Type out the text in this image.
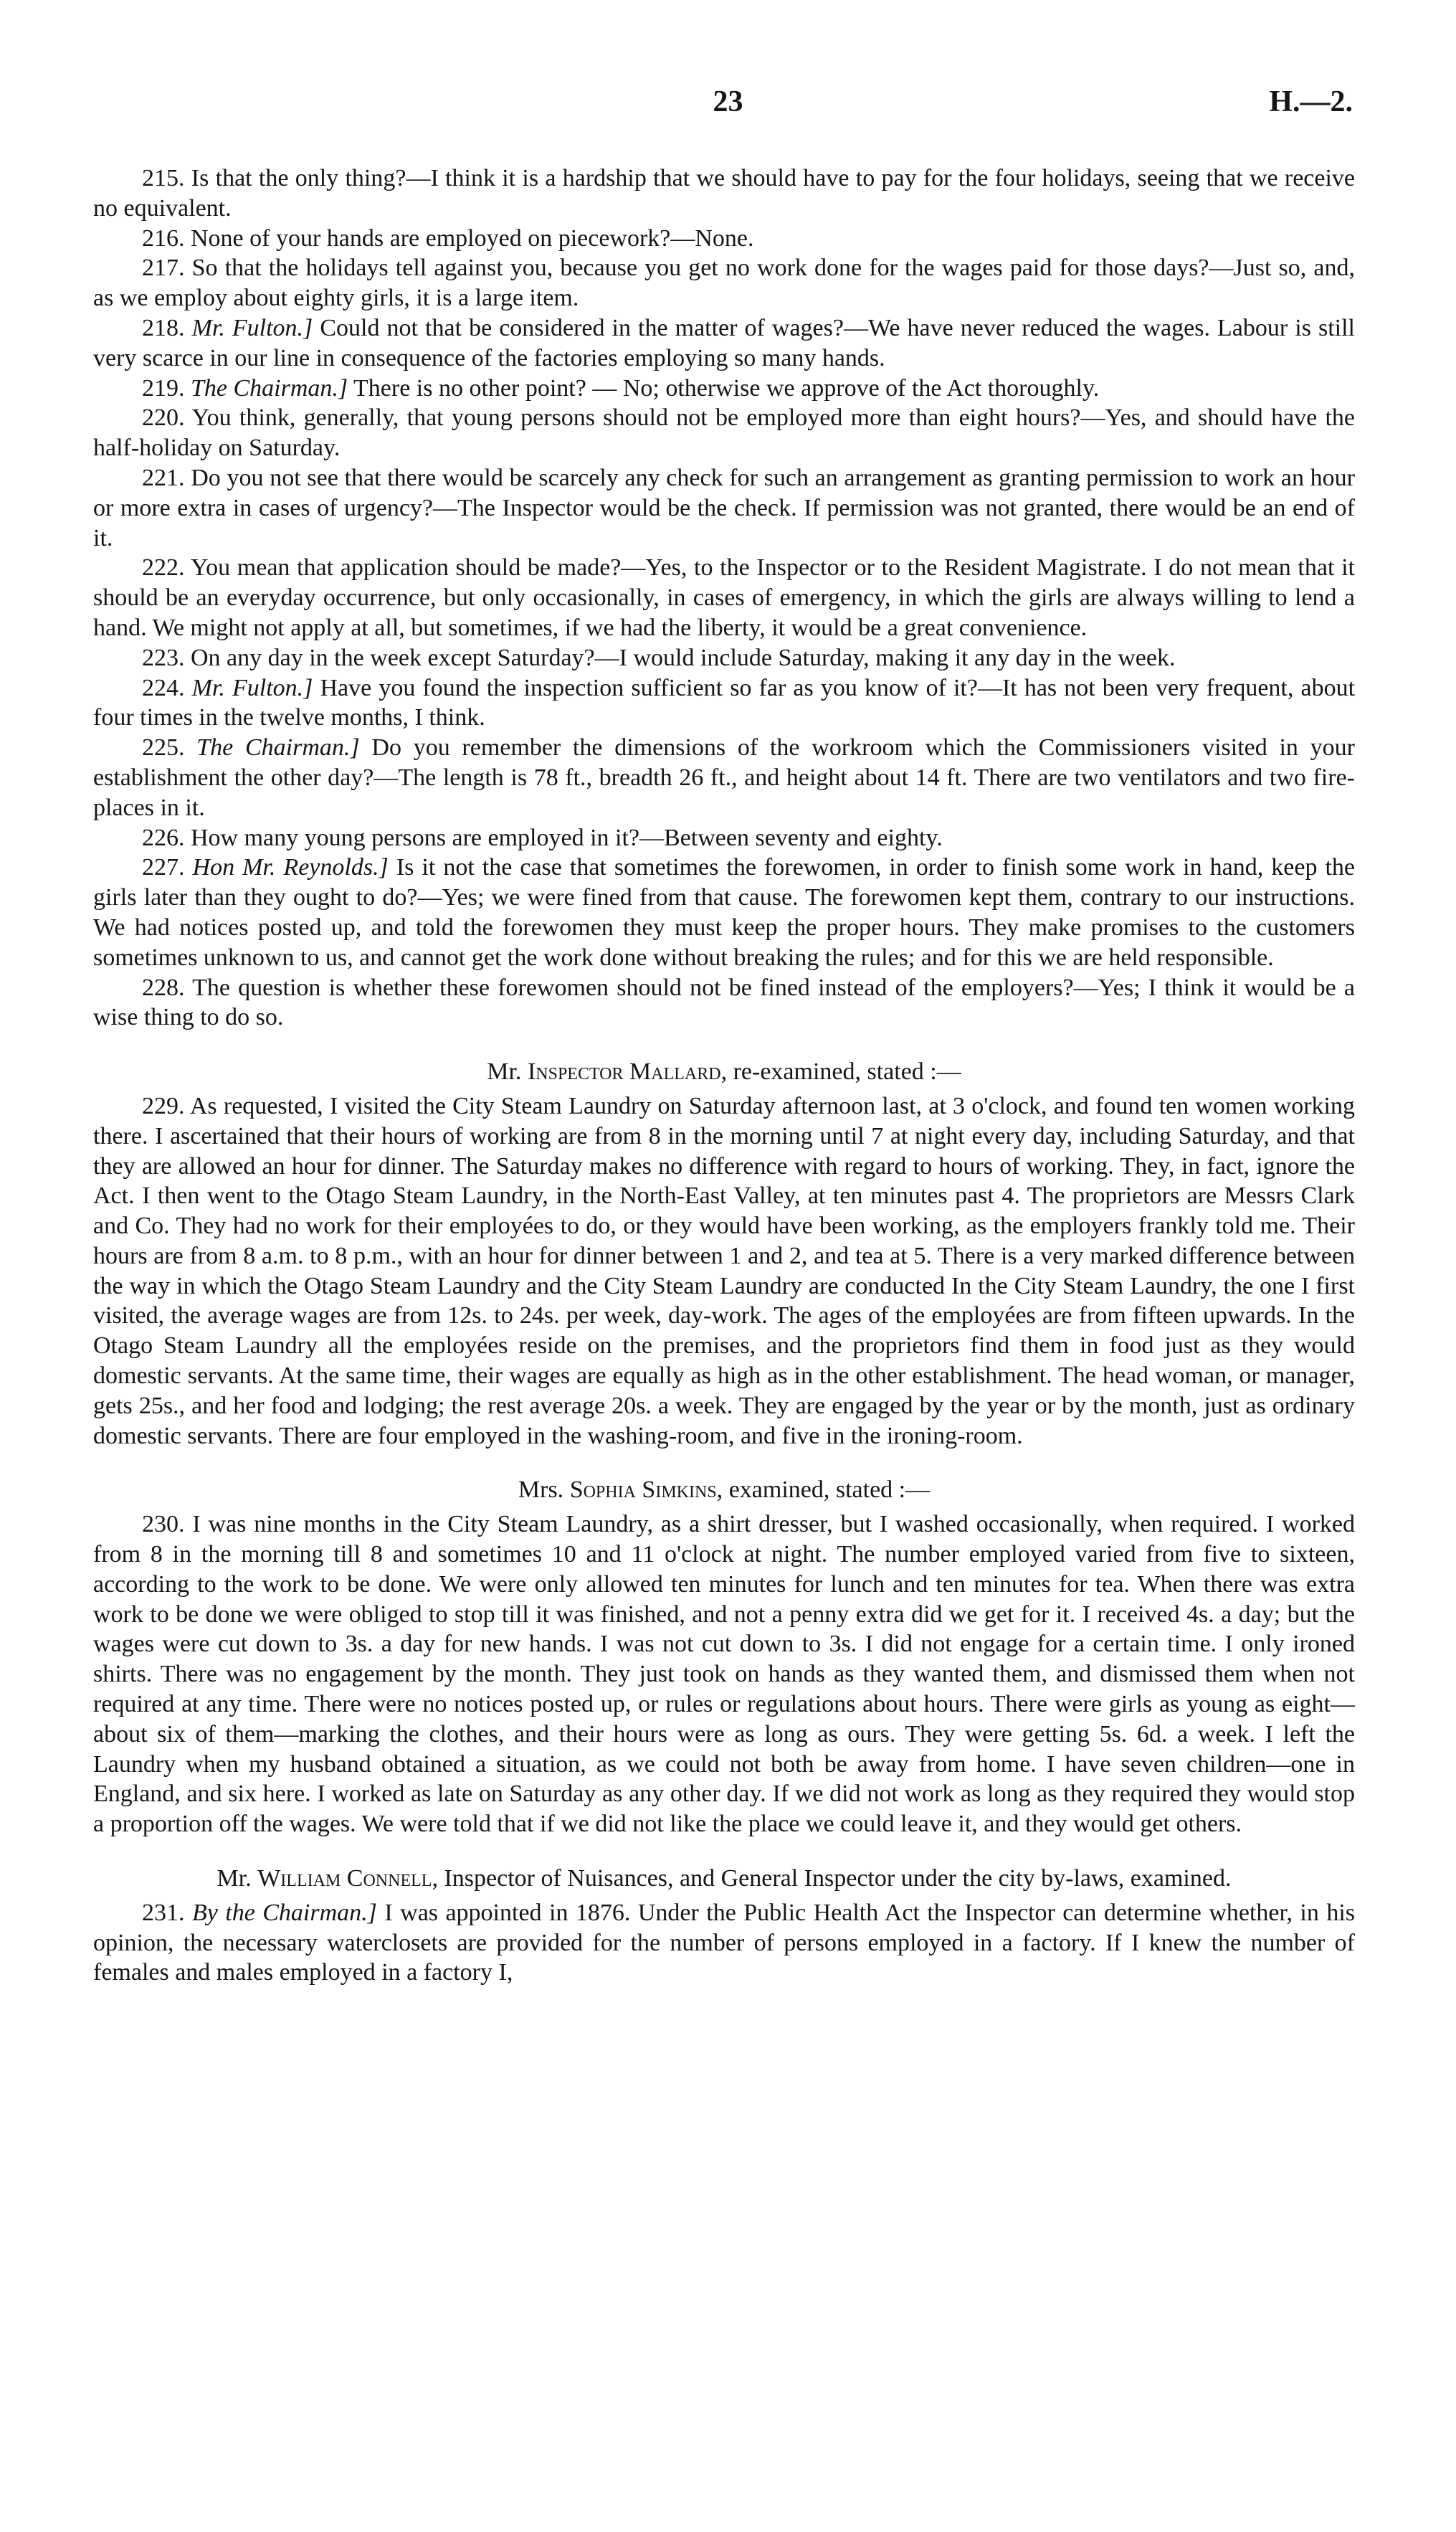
23	H.—2.

215. Is that the only thing?—I think it is a hardship that we should have to pay for the four holidays, seeing that we receive no equivalent.

216. None of your hands are employed on piecework?—None.

217. So that the holidays tell against you, because you get no work done for the wages paid for those days?—Just so, and, as we employ about eighty girls, it is a large item.

218. Mr. Fulton.] Could not that be considered in the matter of wages?—We have never reduced the wages. Labour is still very scarce in our line in consequence of the factories employing so many hands.

219. The Chairman.] There is no other point? — No; otherwise we approve of the Act thoroughly.

220. You think, generally, that young persons should not be employed more than eight hours?—Yes, and should have the half-holiday on Saturday.

221. Do you not see that there would be scarcely any check for such an arrangement as granting permission to work an hour or more extra in cases of urgency?—The Inspector would be the check. If permission was not granted, there would be an end of it.

222. You mean that application should be made?—Yes, to the Inspector or to the Resident Magistrate. I do not mean that it should be an everyday occurrence, but only occasionally, in cases of emergency, in which the girls are always willing to lend a hand. We might not apply at all, but sometimes, if we had the liberty, it would be a great convenience.

223. On any day in the week except Saturday?—I would include Saturday, making it any day in the week.

224. Mr. Fulton.] Have you found the inspection sufficient so far as you know of it?—It has not been very frequent, about four times in the twelve months, I think.

225. The Chairman.] Do you remember the dimensions of the workroom which the Commissioners visited in your establishment the other day?—The length is 78 ft., breadth 26 ft., and height about 14 ft. There are two ventilators and two fire-places in it.

226. How many young persons are employed in it?—Between seventy and eighty.

227. Hon Mr. Reynolds.] Is it not the case that sometimes the forewomen, in order to finish some work in hand, keep the girls later than they ought to do?—Yes; we were fined from that cause. The forewomen kept them, contrary to our instructions. We had notices posted up, and told the forewomen they must keep the proper hours. They make promises to the customers sometimes unknown to us, and cannot get the work done without breaking the rules; and for this we are held responsible.

228. The question is whether these forewomen should not be fined instead of the employers?—Yes; I think it would be a wise thing to do so.

Mr. Inspector Mallard, re-examined, stated :—

229. As requested, I visited the City Steam Laundry on Saturday afternoon last, at 3 o'clock, and found ten women working there. I ascertained that their hours of working are from 8 in the morning until 7 at night every day, including Saturday, and that they are allowed an hour for dinner. The Saturday makes no difference with regard to hours of working. They, in fact, ignore the Act. I then went to the Otago Steam Laundry, in the North-East Valley, at ten minutes past 4. The proprietors are Messrs Clark and Co. They had no work for their employées to do, or they would have been working, as the employers frankly told me. Their hours are from 8 a.m. to 8 p.m., with an hour for dinner between 1 and 2, and tea at 5. There is a very marked difference between the way in which the Otago Steam Laundry and the City Steam Laundry are conducted In the City Steam Laundry, the one I first visited, the average wages are from 12s. to 24s. per week, day-work. The ages of the employées are from fifteen upwards. In the Otago Steam Laundry all the employées reside on the premises, and the proprietors find them in food just as they would domestic servants. At the same time, their wages are equally as high as in the other establishment. The head woman, or manager, gets 25s., and her food and lodging; the rest average 20s. a week. They are engaged by the year or by the month, just as ordinary domestic servants. There are four employed in the washing-room, and five in the ironing-room.

Mrs. Sophia Simkins, examined, stated :—

230. I was nine months in the City Steam Laundry, as a shirt dresser, but I washed occasionally, when required. I worked from 8 in the morning till 8 and sometimes 10 and 11 o'clock at night. The number employed varied from five to sixteen, according to the work to be done. We were only allowed ten minutes for lunch and ten minutes for tea. When there was extra work to be done we were obliged to stop till it was finished, and not a penny extra did we get for it. I received 4s. a day; but the wages were cut down to 3s. a day for new hands. I was not cut down to 3s. I did not engage for a certain time. I only ironed shirts. There was no engagement by the month. They just took on hands as they wanted them, and dismissed them when not required at any time. There were no notices posted up, or rules or regulations about hours. There were girls as young as eight—about six of them—marking the clothes, and their hours were as long as ours. They were getting 5s. 6d. a week. I left the Laundry when my husband obtained a situation, as we could not both be away from home. I have seven children—one in England, and six here. I worked as late on Saturday as any other day. If we did not work as long as they required they would stop a proportion off the wages. We were told that if we did not like the place we could leave it, and they would get others.

Mr. William Connell, Inspector of Nuisances, and General Inspector under the city by-laws, examined.

231. By the Chairman.] I was appointed in 1876. Under the Public Health Act the Inspector can determine whether, in his opinion, the necessary waterclosets are provided for the number of persons employed in a factory. If I knew the number of females and males employed in a factory I,
